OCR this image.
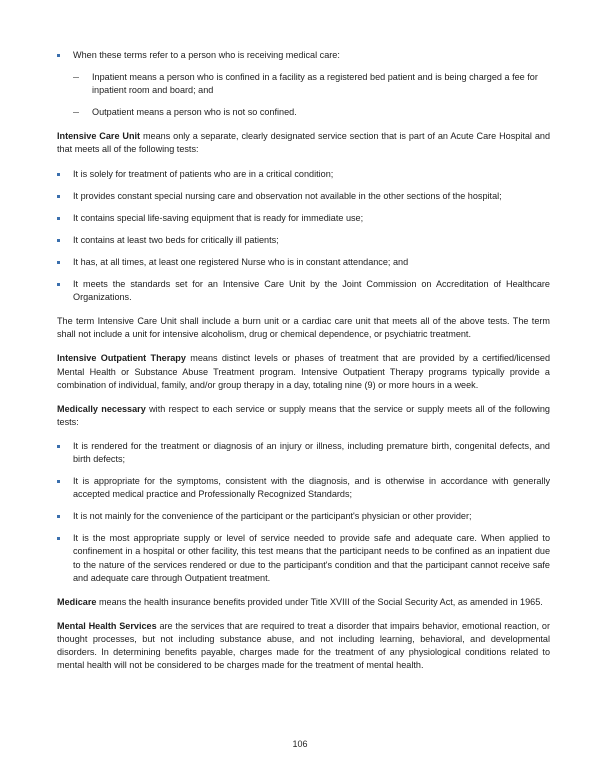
When these terms refer to a person who is receiving medical care:
Inpatient means a person who is confined in a facility as a registered bed patient and is being charged a fee for inpatient room and board; and
Outpatient means a person who is not so confined.

Intensive Care Unit means only a separate, clearly designated service section that is part of an Acute Care Hospital and that meets all of the following tests:

It is solely for treatment of patients who are in a critical condition;
It provides constant special nursing care and observation not available in the other sections of the hospital;
It contains special life-saving equipment that is ready for immediate use;
It contains at least two beds for critically ill patients;
It has, at all times, at least one registered Nurse who is in constant attendance; and
It meets the standards set for an Intensive Care Unit by the Joint Commission on Accreditation of Healthcare Organizations.

The term Intensive Care Unit shall include a burn unit or a cardiac care unit that meets all of the above tests. The term shall not include a unit for intensive alcoholism, drug or chemical dependence, or psychiatric treatment.

Intensive Outpatient Therapy means distinct levels or phases of treatment that are provided by a certified/licensed Mental Health or Substance Abuse Treatment program. Intensive Outpatient Therapy programs typically provide a combination of individual, family, and/or group therapy in a day, totaling nine (9) or more hours in a week.

Medically necessary with respect to each service or supply means that the service or supply meets all of the following tests:

It is rendered for the treatment or diagnosis of an injury or illness, including premature birth, congenital defects, and birth defects;
It is appropriate for the symptoms, consistent with the diagnosis, and is otherwise in accordance with generally accepted medical practice and Professionally Recognized Standards;
It is not mainly for the convenience of the participant or the participant's physician or other provider;
It is the most appropriate supply or level of service needed to provide safe and adequate care. When applied to confinement in a hospital or other facility, this test means that the participant needs to be confined as an inpatient due to the nature of the services rendered or due to the participant's condition and that the participant cannot receive safe and adequate care through Outpatient treatment.

Medicare means the health insurance benefits provided under Title XVIII of the Social Security Act, as amended in 1965.

Mental Health Services are the services that are required to treat a disorder that impairs behavior, emotional reaction, or thought processes, but not including substance abuse, and not including learning, behavioral, and developmental disorders. In determining benefits payable, charges made for the treatment of any physiological conditions related to mental health will not be considered to be charges made for the treatment of mental health.

106
